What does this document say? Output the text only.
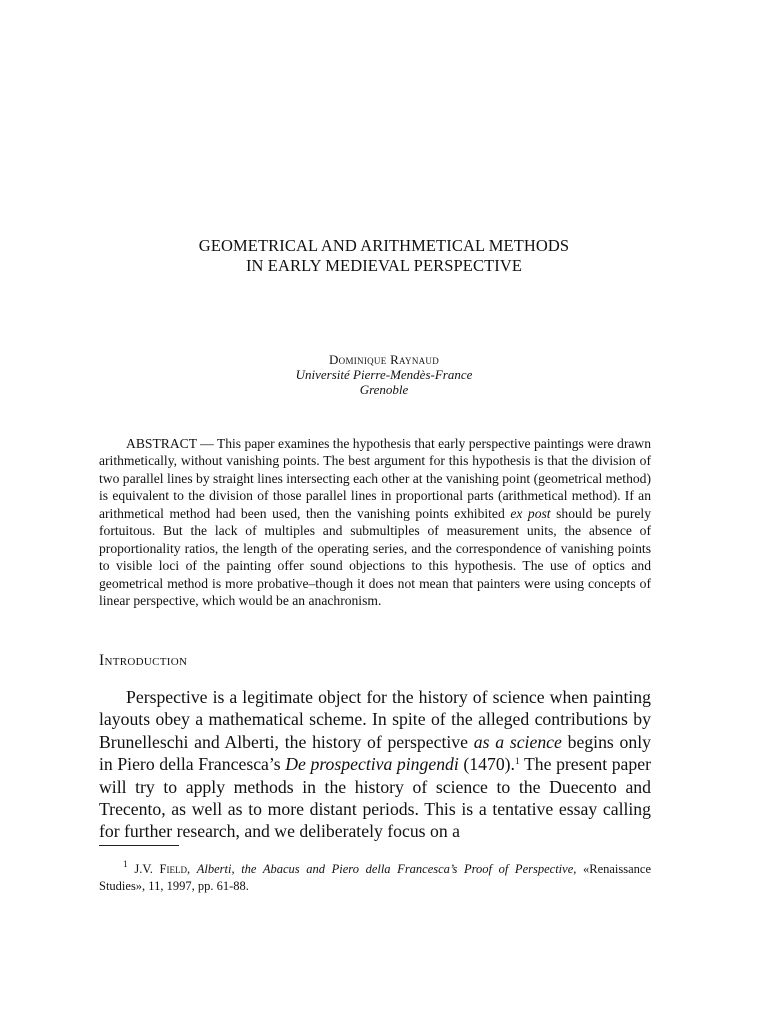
GEOMETRICAL AND ARITHMETICAL METHODS
IN EARLY MEDIEVAL PERSPECTIVE
Dominique Raynaud
Université Pierre-Mendès-France
Grenoble
ABSTRACT — This paper examines the hypothesis that early perspective paintings were drawn arithmetically, without vanishing points. The best argument for this hypothesis is that the division of two parallel lines by straight lines intersecting each other at the vanishing point (geometrical method) is equivalent to the division of those parallel lines in proportional parts (arithmetical method). If an arithmetical method had been used, then the vanishing points exhibited ex post should be purely fortuitous. But the lack of multiples and submultiples of measurement units, the absence of proportionality ratios, the length of the operating series, and the correspondence of vanishing points to visible loci of the painting offer sound objections to this hypothesis. The use of optics and geometrical method is more probative–though it does not mean that painters were using concepts of linear perspective, which would be an anachronism.
Introduction
Perspective is a legitimate object for the history of science when painting layouts obey a mathematical scheme. In spite of the alleged contributions by Brunelleschi and Alberti, the history of perspective as a science begins only in Piero della Francesca’s De prospectiva pingendi (1470).$^1$ The present paper will try to apply methods in the history of science to the Duecento and Trecento, as well as to more distant periods. This is a tentative essay calling for further research, and we deliberately focus on a
$^1$ J.V. Field, Alberti, the Abacus and Piero della Francesca’s Proof of Perspective, «Renaissance Studies», 11, 1997, pp. 61-88.
